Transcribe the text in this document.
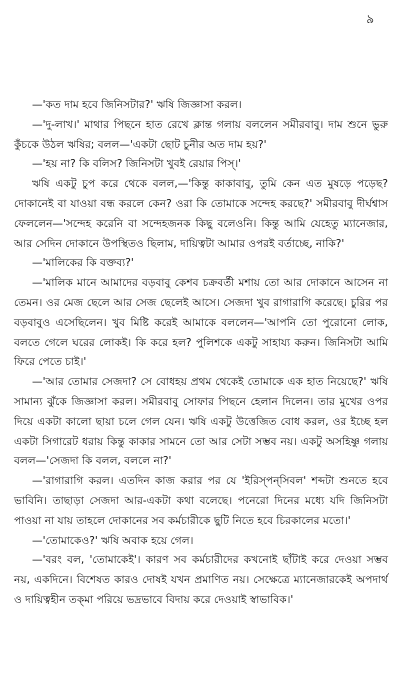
৯

—'কত দাম হবে জিনিসটার?' ঋষি জিজ্ঞাসা করল।

—'দু-লাখ।' মাথার পিছনে হাত রেখে ক্লান্ত গলায় বললেন সমীরবাবু। দাম শুনে ভুরু কুঁচকে উঠল ঋষির; বলল—'একটা ছোট চুনীর অত দাম হয়?'

—'হয় না? কি বলিস? জিনিসটা খুবই রেয়ার পিস্।'

ঋষি একটু চুপ করে থেকে বলল,—'কিন্তু কাকাবাবু, তুমি কেন এত মুষড়ে পড়েছ? দোকানেই বা যাওয়া বন্ধ করলে কেন? ওরা কি তোমাকে সন্দেহ করছে?' সমীরবাবু দীর্ঘশ্বাস ফেললেন—'সন্দেহ করেনি বা সন্দেহজনক কিছু বলেওনি। কিন্তু আমি যেহেতু ম্যানেজার, আর সেদিন দোকানে উপস্থিতও ছিলাম, দায়িত্বটা আমার ওপরই বর্তাচ্ছে, নাকি?'

—'মালিকের কি বক্তব্য?'

—'মালিক মানে আমাদের বড়বাবু কেশব চক্রবর্তী মশায় তো আর দোকানে আসেন না তেমন। ওর মেজ ছেলে আর সেজ ছেলেই আসে। সেজদা খুব রাগারাগি করেছে। চুরির পর বড়বাবুও এসেছিলেন। খুব মিষ্টি করেই আমাকে বললেন—'আপনি তো পুরোনো লোক, বলতে গেলে ঘরের লোকই। কি করে হল? পুলিশকে একটু সাহায্য করুন। জিনিসটা আমি ফিরে পেতে চাই।'

—'আর তোমার সেজদা? সে বোধহয় প্রথম থেকেই তোমাকে এক হাত নিয়েছে?' ঋষি সামান্য ঝুঁকে জিজ্ঞাসা করল। সমীরবাবু সোফার পিছনে হেলান দিলেন। তার মুখের ওপর দিয়ে একটা কালো ছায়া চলে গেল যেন। ঋষি একটু উত্তেজিত বোধ করল, ওর ইচ্ছে হল একটা সিগারেট ধরায় কিন্তু কাকার সামনে তো আর সেটা সম্ভব নয়। একটু অসহিষ্ণু গলায় বলল—'সেজদা কি বলল, বললে না?'

—'রাগারাগি করল। এতদিন কাজ করার পর যে 'ইরিস্‌পন্‌সিবল' শব্দটা শুনতে হবে ভাবিনি। তাছাড়া সেজদা আর-একটা কথা বলেছে। পনেরো দিনের মধ্যে যদি জিনিসটা পাওয়া না যায় তাহলে দোকানের সব কর্মচারীকে ছুটি নিতে হবে চিরকালের মতো।'

—'তোমাকেও?' ঋষি অবাক হয়ে গেল।

—'বরং বল, 'তোমাকেই'। কারণ সব কর্মচারীদের কখনোই ছাঁটাই করে দেওয়া সম্ভব নয়, একদিনে। বিশেষত কারও দোষই যখন প্রমাণিত নয়। সেক্ষেত্রে ম্যানেজারকেই অপদার্থ ও দায়িত্বহীন তক্‌মা পরিয়ে ভদ্রভাবে বিদায় করে দেওয়াই স্বাভাবিক।'
